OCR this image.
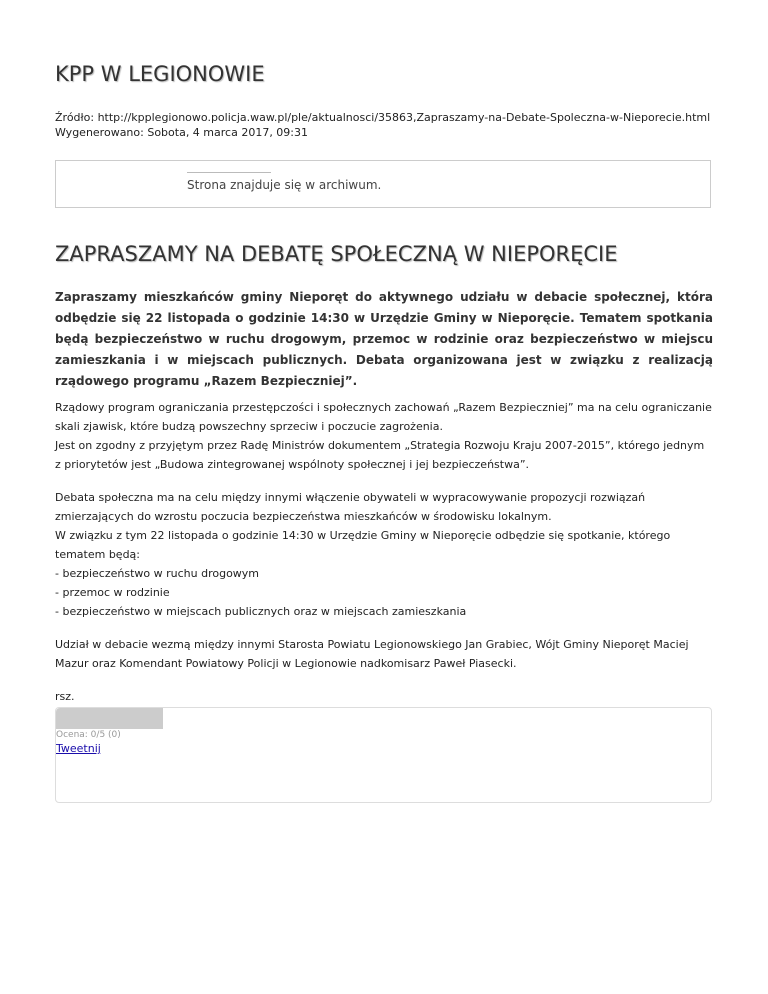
KPP W LEGIONOWIE
Źródło: http://kpplegionowo.policja.waw.pl/ple/aktualnosci/35863,Zapraszamy-na-Debate-Spoleczna-w-Nieporecie.html
Wygenerowano: Sobota, 4 marca 2017, 09:31
Strona znajduje się w archiwum.
ZAPRASZAMY NA DEBATĘ SPOŁECZNĄ W NIEPORĘCIE

Zapraszamy mieszkańców gminy Nieporęt do aktywnego udziału w debacie społecznej, która odbędzie się 22 listopada o godzinie 14:30 w Urzędzie Gminy w Nieporęcie. Tematem spotkania będą bezpieczeństwo w ruchu drogowym, przemoc w rodzinie oraz bezpieczeństwo w miejscu zamieszkania i w miejscach publicznych. Debata organizowana jest w związku z realizacją rządowego programu „Razem Bezpieczniej”.

Rządowy program ograniczania przestępczości i społecznych zachowań „Razem Bezpieczniej” ma na celu ograniczanie skali zjawisk, które budzą powszechny sprzeciw i poczucie zagrożenia.
Jest on zgodny z przyjętym przez Radę Ministrów dokumentem „Strategia Rozwoju Kraju 2007-2015”, którego jednym z priorytetów jest „Budowa zintegrowanej wspólnoty społecznej i jej bezpieczeństwa”.
Debata społeczna ma na celu między innymi włączenie obywateli w wypracowywanie propozycji rozwiązań zmierzających do wzrostu poczucia bezpieczeństwa mieszkańców w środowisku lokalnym.
W związku z tym 22 listopada o godzinie 14:30 w Urzędzie Gminy w Nieporęcie odbędzie się spotkanie, którego tematem będą:
- bezpieczeństwo w ruchu drogowym
- przemoc w rodzinie
- bezpieczeństwo w miejscach publicznych oraz w miejscach zamieszkania
Udział w debacie wezmą między innymi Starosta Powiatu Legionowskiego Jan Grabiec, Wójt Gminy Nieporęt Maciej Mazur oraz Komendant Powiatowy Policji w Legionowie nadkomisarz Paweł Piasecki.
rsz.
Ocena: 0/5 (0)
Tweetnij
